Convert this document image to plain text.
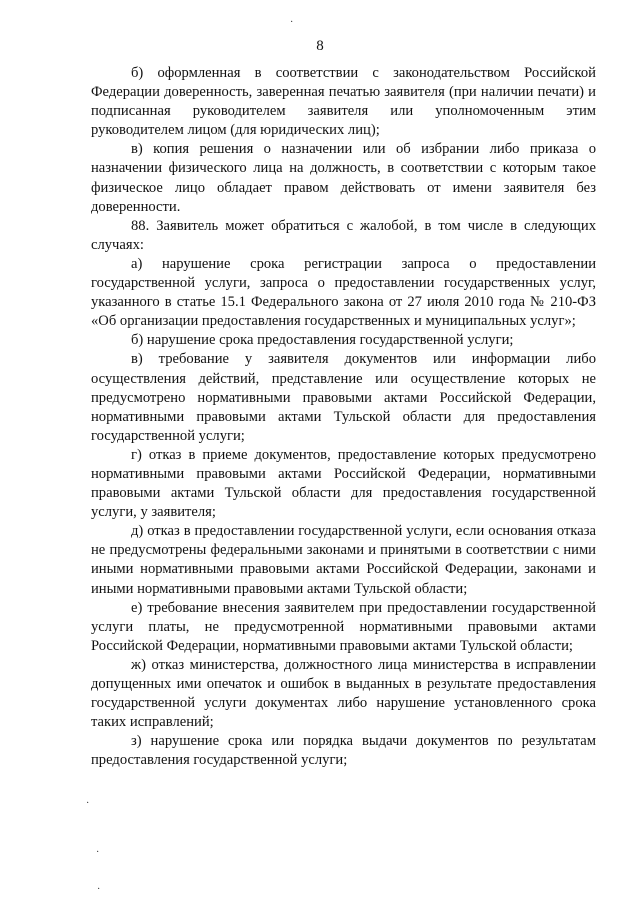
8

б) оформленная в соответствии с законодательством Российской Федерации доверенность, заверенная печатью заявителя (при наличии печати) и подписанная руководителем заявителя или уполномоченным этим руководителем лицом (для юридических лиц);

в) копия решения о назначении или об избрании либо приказа о назначении физического лица на должность, в соответствии с которым такое физическое лицо обладает правом действовать от имени заявителя без доверенности.

88. Заявитель может обратиться с жалобой, в том числе в следующих случаях:

а) нарушение срока регистрации запроса о предоставлении государственной услуги, запроса о предоставлении государственных услуг, указанного в статье 15.1 Федерального закона от 27 июля 2010 года № 210-ФЗ «Об организации предоставления государственных и муниципальных услуг»;

б) нарушение срока предоставления государственной услуги;

в) требование у заявителя документов или информации либо осуществления действий, представление или осуществление которых не предусмотрено нормативными правовыми актами Российской Федерации, нормативными правовыми актами Тульской области для предоставления государственной услуги;

г) отказ в приеме документов, предоставление которых предусмотрено нормативными правовыми актами Российской Федерации, нормативными правовыми актами Тульской области для предоставления государственной услуги, у заявителя;

д) отказ в предоставлении государственной услуги, если основания отказа не предусмотрены федеральными законами и принятыми в соответствии с ними иными нормативными правовыми актами Российской Федерации, законами и иными нормативными правовыми актами Тульской области;

е) требование внесения заявителем при предоставлении государственной услуги платы, не предусмотренной нормативными правовыми актами Российской Федерации, нормативными правовыми актами Тульской области;

ж) отказ министерства, должностного лица министерства в исправлении допущенных ими опечаток и ошибок в выданных в результате предоставления государственной услуги документах либо нарушение установленного срока таких исправлений;

з) нарушение срока или порядка выдачи документов по результатам предоставления государственной услуги;

·
·
·
·
